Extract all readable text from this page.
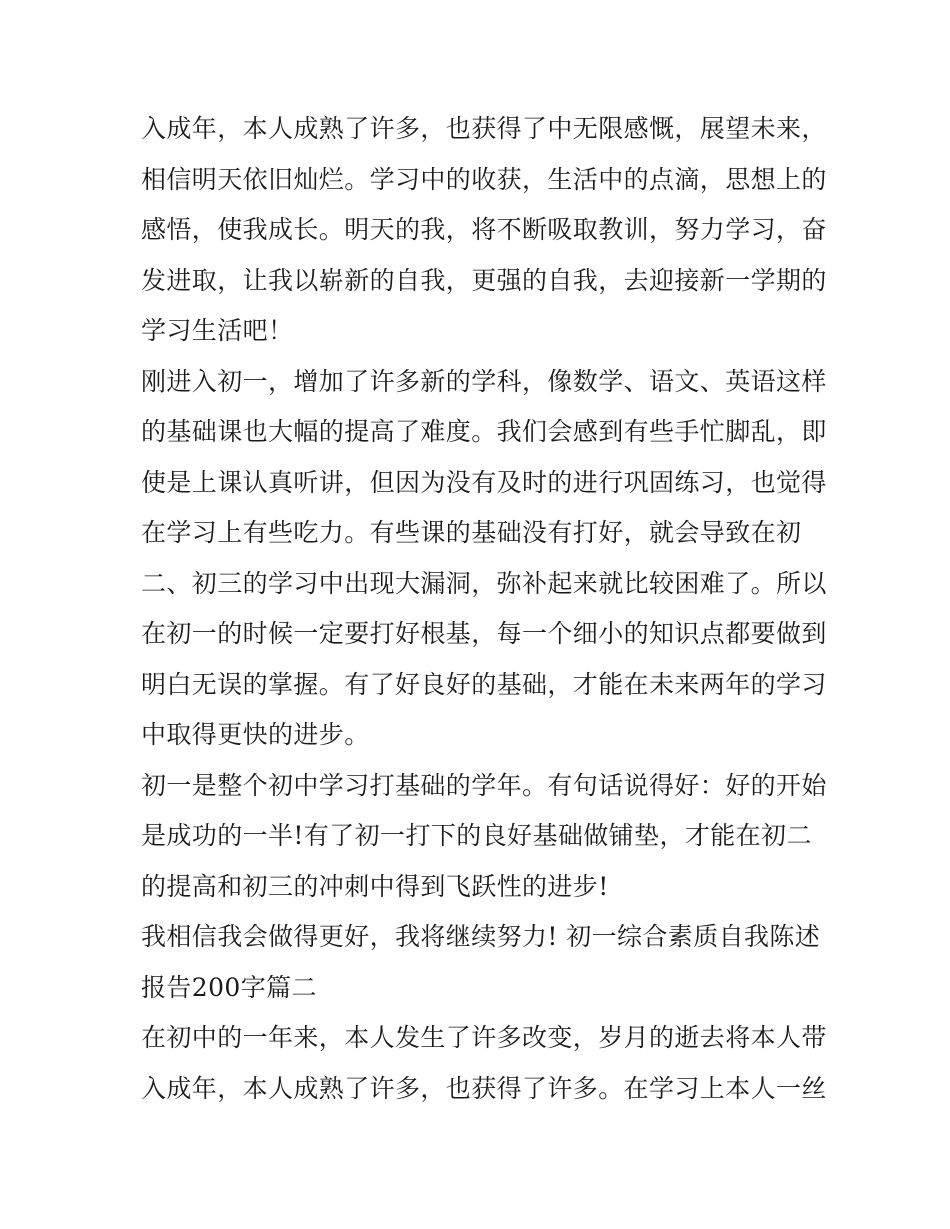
入成年，本人成熟了许多，也获得了中无限感慨，展望未来，
相信明天依旧灿烂。学习中的收获，生活中的点滴，思想上的
感悟，使我成长。明天的我，将不断吸取教训，努力学习，奋
发进取，让我以崭新的自我，更强的自我，去迎接新一学期的
学习生活吧！
刚进入初一，增加了许多新的学科，像数学、语文、英语这样
的基础课也大幅的提高了难度。我们会感到有些手忙脚乱，即
使是上课认真听讲，但因为没有及时的进行巩固练习，也觉得
在学习上有些吃力。有些课的基础没有打好，就会导致在初
二、初三的学习中出现大漏洞，弥补起来就比较困难了。所以
在初一的时候一定要打好根基，每一个细小的知识点都要做到
明白无误的掌握。有了好良好的基础，才能在未来两年的学习
中取得更快的进步。
初一是整个初中学习打基础的学年。有句话说得好：好的开始
是成功的一半!有了初一打下的良好基础做铺垫，才能在初二
的提高和初三的冲刺中得到飞跃性的进步!
我相信我会做得更好，我将继续努力! 初一综合素质自我陈述
报告200字篇二
在初中的一年来，本人发生了许多改变，岁月的逝去将本人带
入成年，本人成熟了许多，也获得了许多。在学习上本人一丝
